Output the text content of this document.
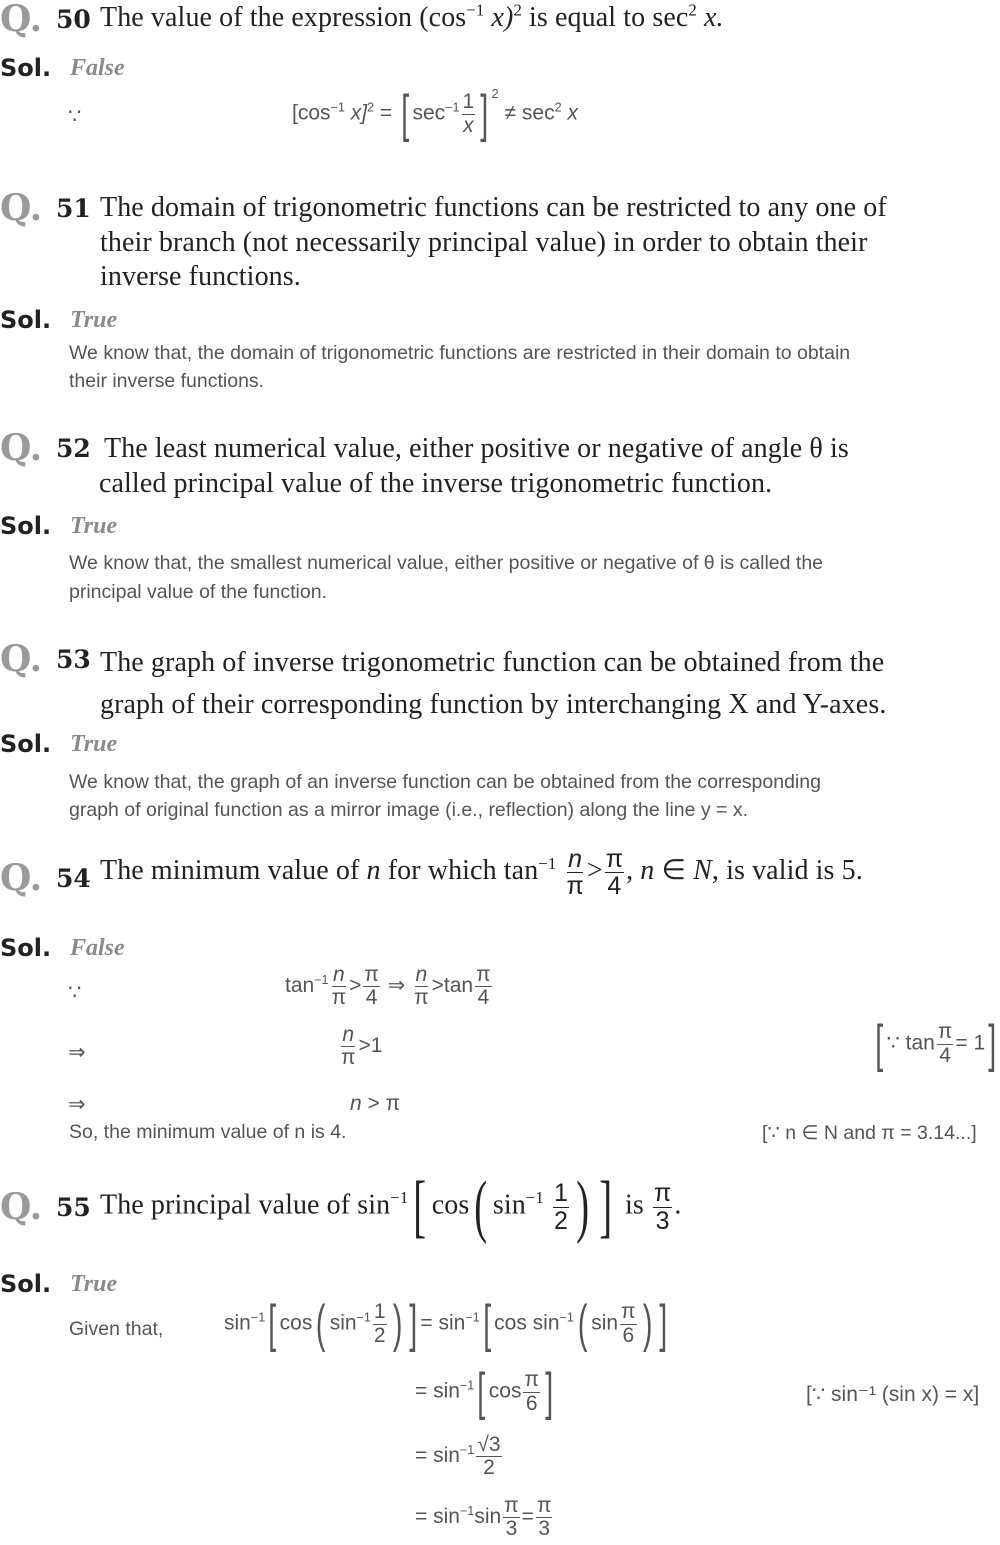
Q. 50 The value of the expression ($\cos^{-1}$ x)$^2$ is equal to $\sec^2 x$.
Sol. False
∵	[$\cos^{-1}$ x]$^2$ = [ $\sec^{-1} \frac{1}{x}$ ] $^2 \ne \sec^2 x$
Q. 51 The domain of trigonometric functions can be restricted to any one of
their branch (not necessarily principal value) in order to obtain their
inverse functions.
Sol. True
We know that, the domain of trigonometric functions are restricted in their domain to obtain
their inverse functions.
Q. 52 The least numerical value, either positive or negative of angle θ is
called principal value of the inverse trigonometric function.
Sol. True
We know that, the smallest numerical value, either positive or negative of θ is called the
principal value of the function.
Q. 53 The graph of inverse trigonometric function can be obtained from the
graph of their corresponding function by interchanging X and Y-axes.
Sol. True
We know that, the graph of an inverse function can be obtained from the corresponding
graph of original function as a mirror image (i.e., reflection) along the line y = x.
Q. 54 The minimum value of n for which $\tan^{-1} \frac{n}{\pi} > \frac{\pi}{4}$ , n ∈ N, is valid is 5.
Sol. False
∵	$\tan^{-1} \frac{n}{\pi} > \frac{\pi}{4}$ ⇒ $\frac{n}{\pi} >\tan \frac{\pi}{4}$
⇒	$\frac{n}{\pi} >1$	[ ∵ $\tan \frac{\pi}{4} = 1$]
⇒	n > π
So, the minimum value of n is 4.	[∵ n ∈ N and π = 3.14...]
Q. 55 The principal value of $\sin^{-1}$[ cos( $\sin^{-1} \frac{1}{2}$ ) ] is $\frac{\pi}{3}$ .
Sol. True
Given that,	$\sin^{-1}$[ cos( $\sin^{-1} \frac{1}{2}$ ) ] = $\sin^{-1}$[ $\cos \sin^{-1}$( $\sin \frac{\pi}{6}$ ) ]
= $\sin^{-1}$[ $\cos \frac{\pi}{6}$ ]	[∵ sin⁻¹ (sin x) = x]
= $\sin^{-1} \frac{√3}{2}$
= $\sin^{-1}\sin \frac{\pi}{3} = \frac{\pi}{3}$
